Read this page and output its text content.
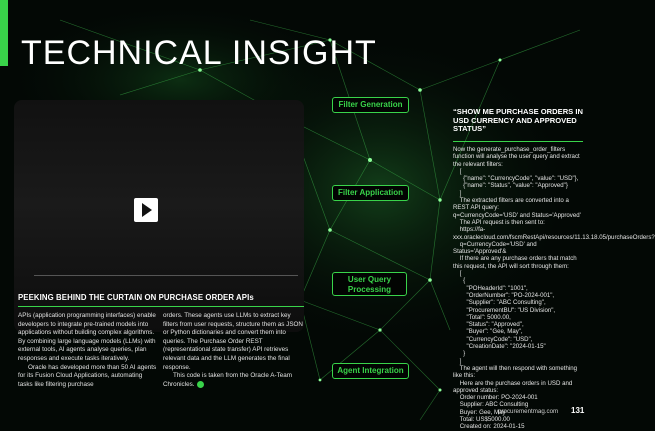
TECHNICAL INSIGHT
PEEKING BEHIND THE CURTAIN ON PURCHASE ORDER APIs

APIs (application programming interfaces) enable developers to integrate pre-trained models into applications without building complex algorithms. By combining large language models (LLMs) with external tools, AI agents analyse queries, plan responses and execute tasks iteratively.

Oracle has developed more than 50 AI agents for its Fusion Cloud Applications, automating tasks like filtering purchase

orders. These agents use LLMs to extract key filters from user requests, structure them as JSON or Python dictionaries and convert them into queries. The Purchase Order REST (representational state transfer) API retrieves relevant data and the LLM generates the final response.

This code is taken from the Oracle A-Team Chronicles.

Filter Generation
Filter Application
User Query Processing
Agent Integration
“SHOW ME PURCHASE ORDERS IN USD CURRENCY AND APPROVED STATUS”
Now the generate_purchase_order_filters function will analyse the user query and extract the relevant filters:
[
{"name": "CurrencyCode", "value": "USD"},
{"name": "Status", "value": "Approved"}
]
The extracted filters are converted into a REST API query:
q=CurrencyCode='USD' and Status='Approved'
The API request is then sent to:
https://fa-xxx.oraclecloud.com/fscmRestApi/resources/11.13.18.05/purchaseOrders?
q=CurrencyCode='USD' and Status='Approved'&
If there are any purchase orders that match this request, the API will sort through them:
[
{
"POHeaderId": "1001",
"OrderNumber": "PO-2024-001",
"Supplier": "ABC Consulting",
"ProcurementBU": "US Division",
"Total": 5000.00,
"Status": "Approved",
"Buyer": "Gee, May",
"CurrencyCode": "USD",
"CreationDate": "2024-01-15"
}
]
The agent will then respond with something like this:
Here are the purchase orders in USD and approved status:
Order number: PO-2024-001
Supplier: ABC Consulting
Buyer: Gee, May
Total: US$5000.00
Created on: 2024-01-15
procurementmag.com 131
